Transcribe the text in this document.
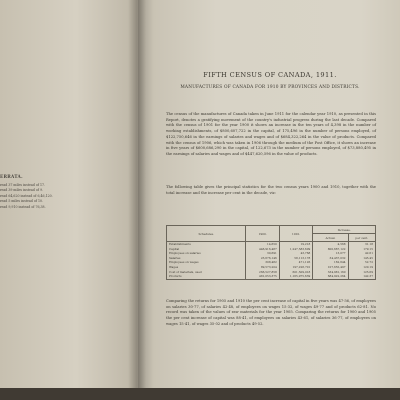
ERRATA.
read 37 miles instead of 17.
read 39 miles instead of 9.
read 64,620 instead of 6,46,120.
read 5 miles instead of 10.
read 9,910 instead of 76,38.
FIFTH CENSUS OF CANADA, 1911.
MANUFACTURES OF CANADA FOR 1910 BY PROVINCES AND DISTRICTS.
The census of the manufactures of Canada taken in June 1911 for the calendar year 1910, as presented in this Report, denotes a gratifying movement of the country's industrial progress during the last decade. Compared with the census of 1901 for the year 1900 it shows an increase in the ten years of 4,398 in the number of working establishments, of $800,607,722 in the capital, of 175,496 in the number of persons employed, of $122,750,646 in the earnings of salaries and wages and of $684,322,264 in the value of products. Compared with the census of 1906, which was taken in 1906 through the medium of the Post Office, it shows an increase in five years of $600,686,290 in the capital, of 122,673 in the number of persons employed, of $73,880,495 in the earnings of salaries and wages and of $447,620,596 in the value of products.
The following table gives the principal statistics for the two census years 1900 and 1910, together with the total increase and the increase per cent in the decade, viz:
Schedules.	1900.	1910.	Increase.	
			Actual.	per cent.
Establishments	14,650	19,218	4,568	31·18
Capital	446,916,487	1,247,583,609	800,667,122	179·15
Employees on salaries	30,691	43,768	13,077	42·61
Salaries	23,676,146	58,113,178	34,437,032	145·45
Employees on wages	308,482	471,126	162,644	52·72
Wages	89,573,204	197,228,701	107,655,497	120·19
Cost of materials, used	266,527,858	601,509,018	334,981,160	125·69
Products	481,053,375	1,165,975,639	684,922,264	142·37
Comparing the returns for 1905 and 1910 the per cent increase of capital in five years was 47·56, of employees on salaries 30·77, of salaries 42·48, of employees on wages 15·32, of wages 49·77 and of products 62·81. No record was taken of the values of raw materials for the year 1905. Comparing the returns for 1900 and 1905 the per cent increase of capital was 88·41, of employees on salaries 43·61, of salaries 36·77, of employees on wages 15·41, of wages 35·02 and of products 49·52.
